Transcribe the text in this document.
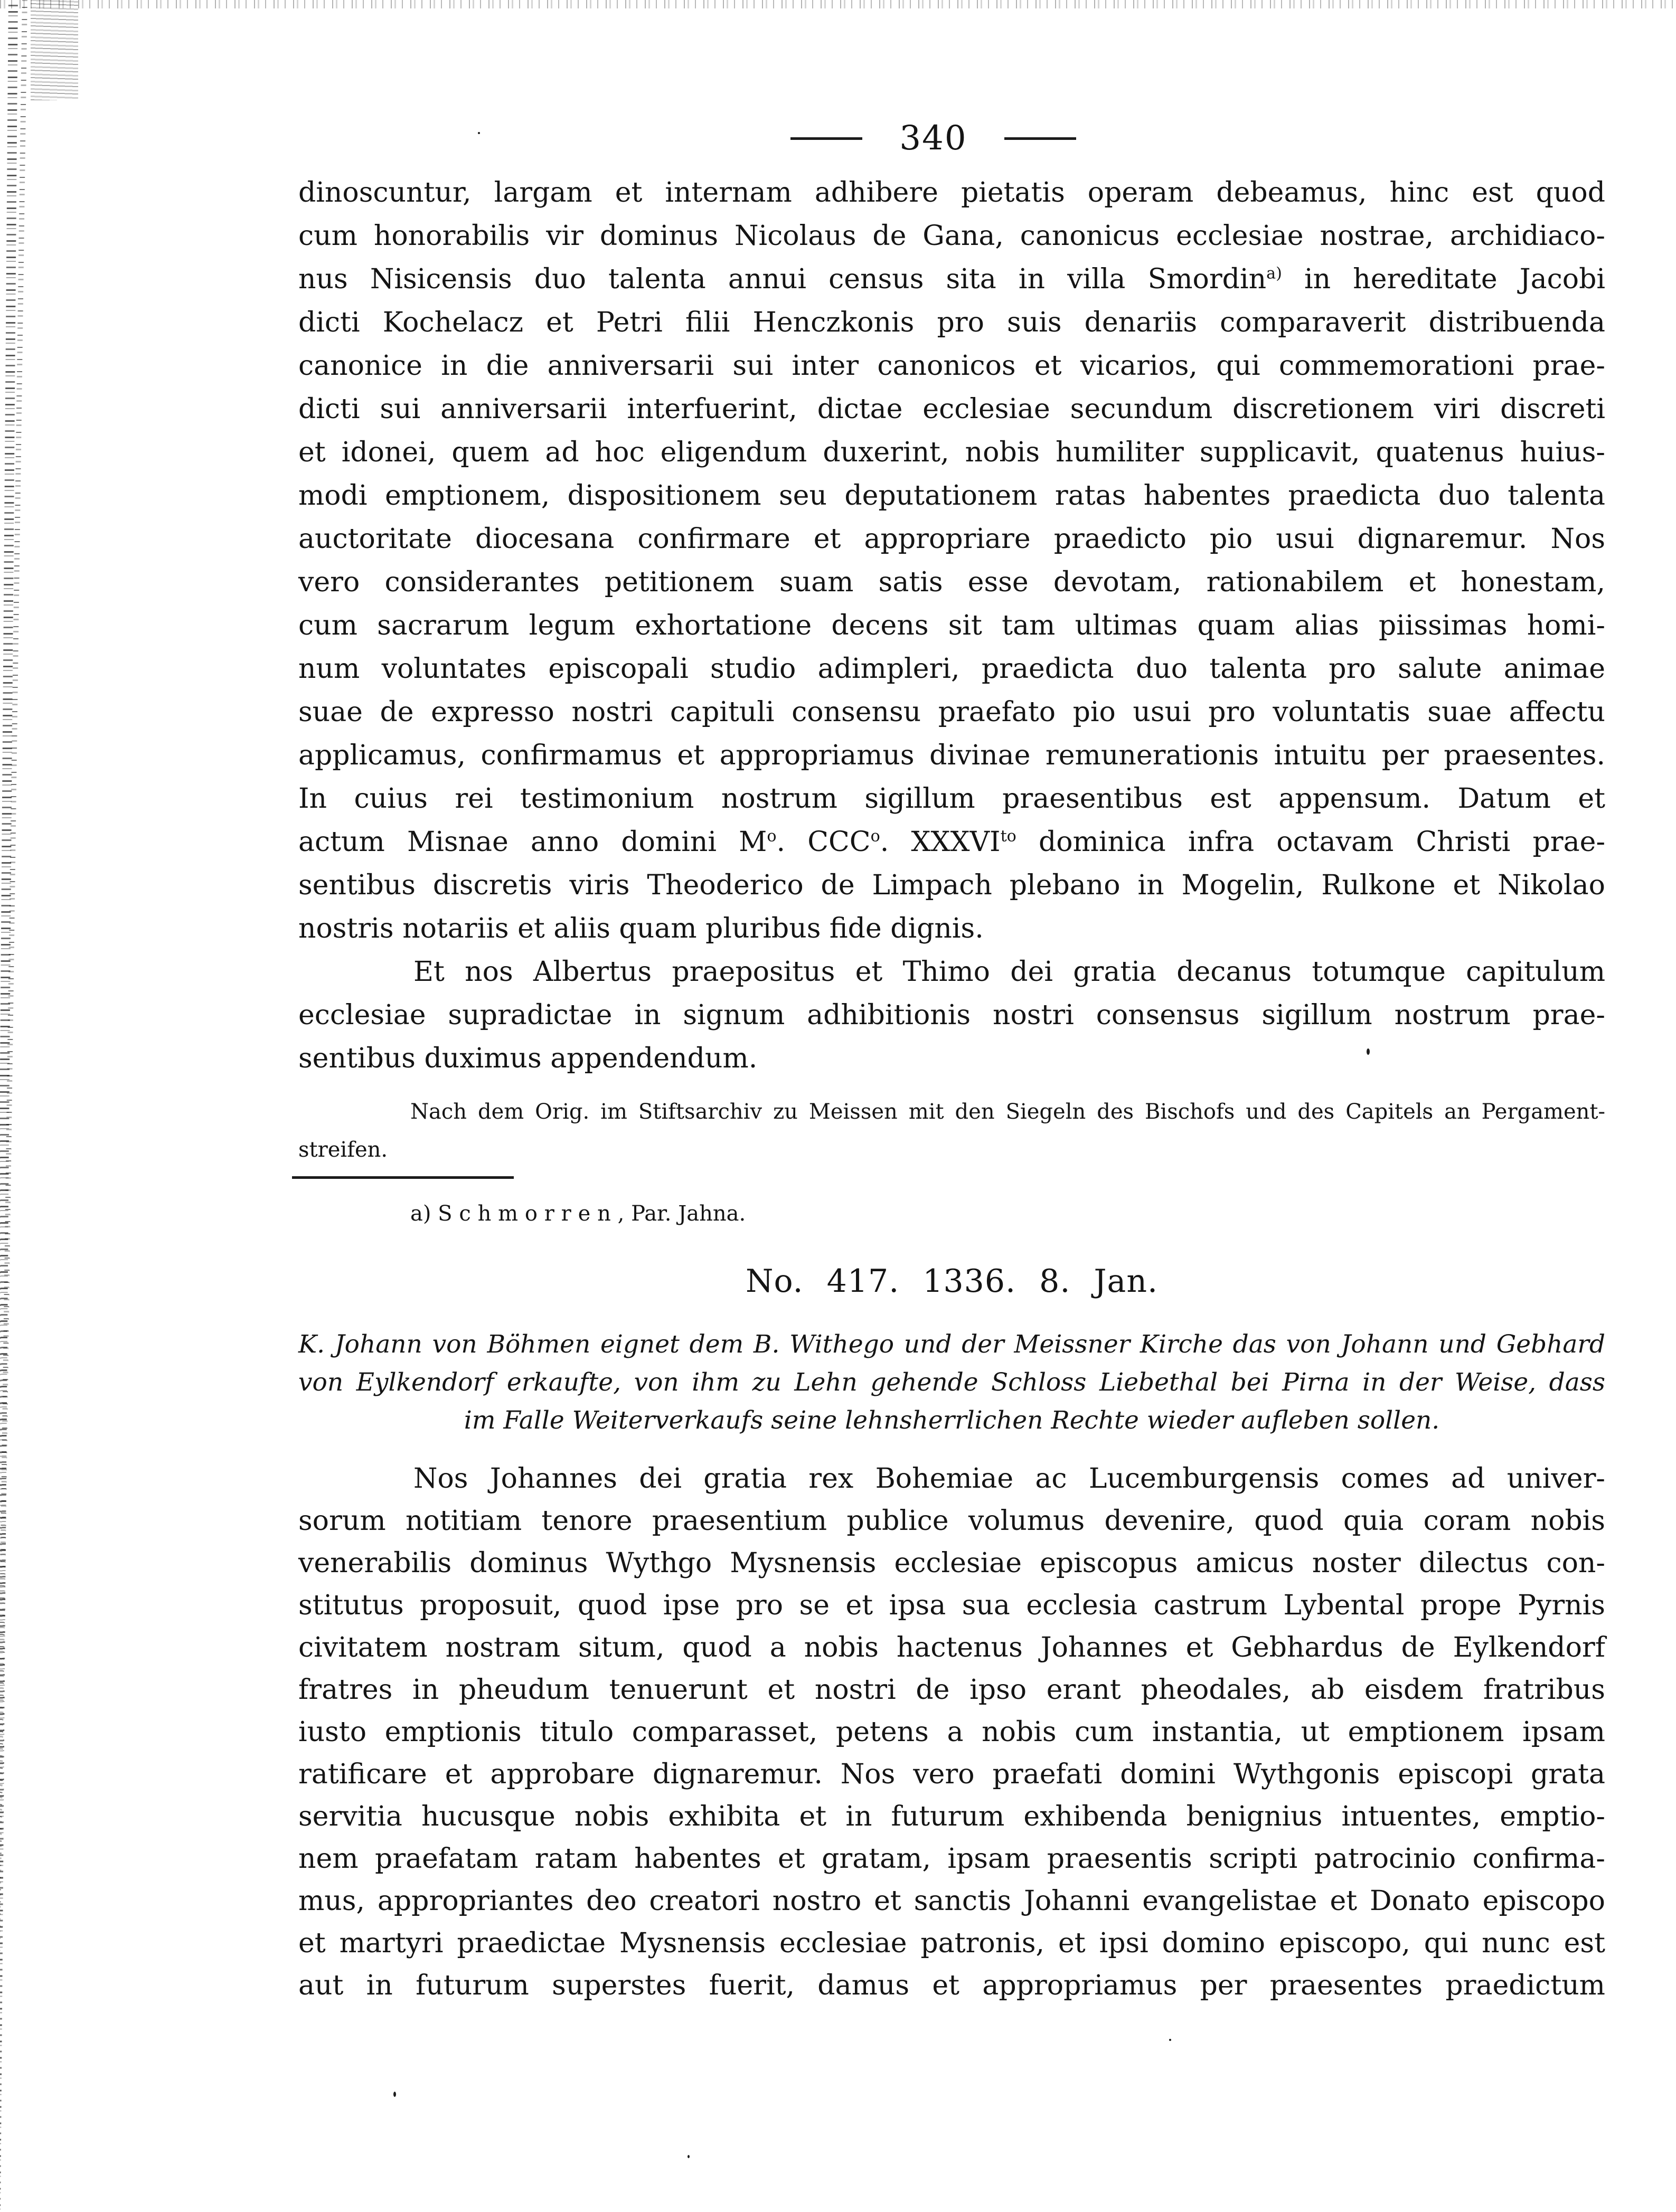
340
dinoscuntur, largam et internam adhibere pietatis operam debeamus, hinc est quod
cum honorabilis vir dominus Nicolaus de Gana, canonicus ecclesiae nostrae, archidiaco-
nus Nisicensis duo talenta annui census sita in villa Smordin$^{a)}$ in hereditate Jacobi
dicti Kochelacz et Petri filii Henczkonis pro suis denariis comparaverit distribuenda
canonice in die anniversarii sui inter canonicos et vicarios, qui commemorationi prae-
dicti sui anniversarii interfuerint, dictae ecclesiae secundum discretionem viri discreti
et idonei, quem ad hoc eligendum duxerint, nobis humiliter supplicavit, quatenus huius-
modi emptionem, dispositionem seu deputationem ratas habentes praedicta duo talenta
auctoritate diocesana confirmare et appropriare praedicto pio usui dignaremur. Nos
vero considerantes petitionem suam satis esse devotam, rationabilem et honestam,
cum sacrarum legum exhortatione decens sit tam ultimas quam alias piissimas homi-
num voluntates episcopali studio adimpleri, praedicta duo talenta pro salute animae
suae de expresso nostri capituli consensu praefato pio usui pro voluntatis suae affectu
applicamus, confirmamus et appropriamus divinae remunerationis intuitu per praesentes.
In cuius rei testimonium nostrum sigillum praesentibus est appensum. Datum et
actum Misnae anno domini $M^o$. CCC$^o$. $XXXVI^{to}$ dominica infra octavam Christi prae-
sentibus discretis viris Theoderico de Limpach plebano in Mogelin, Rulkone et Nikolao
nostris notariis et aliis quam pluribus fide dignis.
Et nos Albertus praepositus et Thimo dei gratia decanus totumque capitulum
ecclesiae supradictae in signum adhibitionis nostri consensus sigillum nostrum prae-
sentibus duximus appendendum.
Nach dem Orig. im Stiftsarchiv zu Meissen mit den Siegeln des Bischofs und des Capitels an Pergament-
streifen.
a) Schmorren, Par. Jahna.
No. 417. 1336. 8. Jan.
K. Johann von Böhmen eignet dem B. Withego und der Meissner Kirche das von Johann und Gebhard
von Eylkendorf erkaufte, von ihm zu Lehn gehende Schloss Liebethal bei Pirna in der Weise, dass
im Falle Weiterverkaufs seine lehnsherrlichen Rechte wieder aufleben sollen.
Nos Johannes dei gratia rex Bohemiae ac Lucemburgensis comes ad univer-
sorum notitiam tenore praesentium publice volumus devenire, quod quia coram nobis
venerabilis dominus Wythgo Mysnensis ecclesiae episcopus amicus noster dilectus con-
stitutus proposuit, quod ipse pro se et ipsa sua ecclesia castrum Lybental prope Pyrnis
civitatem nostram situm, quod a nobis hactenus Johannes et Gebhardus de Eylkendorf
fratres in pheudum tenuerunt et nostri de ipso erant pheodales, ab eisdem fratribus
iusto emptionis titulo comparasset, petens a nobis cum instantia, ut emptionem ipsam
ratificare et approbare dignaremur. Nos vero praefati domini Wythgonis episcopi grata
servitia hucusque nobis exhibita et in futurum exhibenda benignius intuentes, emptio-
nem praefatam ratam habentes et gratam, ipsam praesentis scripti patrocinio confirma-
mus, appropriantes deo creatori nostro et sanctis Johanni evangelistae et Donato episcopo
et martyri praedictae Mysnensis ecclesiae patronis, et ipsi domino episcopo, qui nunc est
aut in futurum superstes fuerit, damus et appropriamus per praesentes praedictum
